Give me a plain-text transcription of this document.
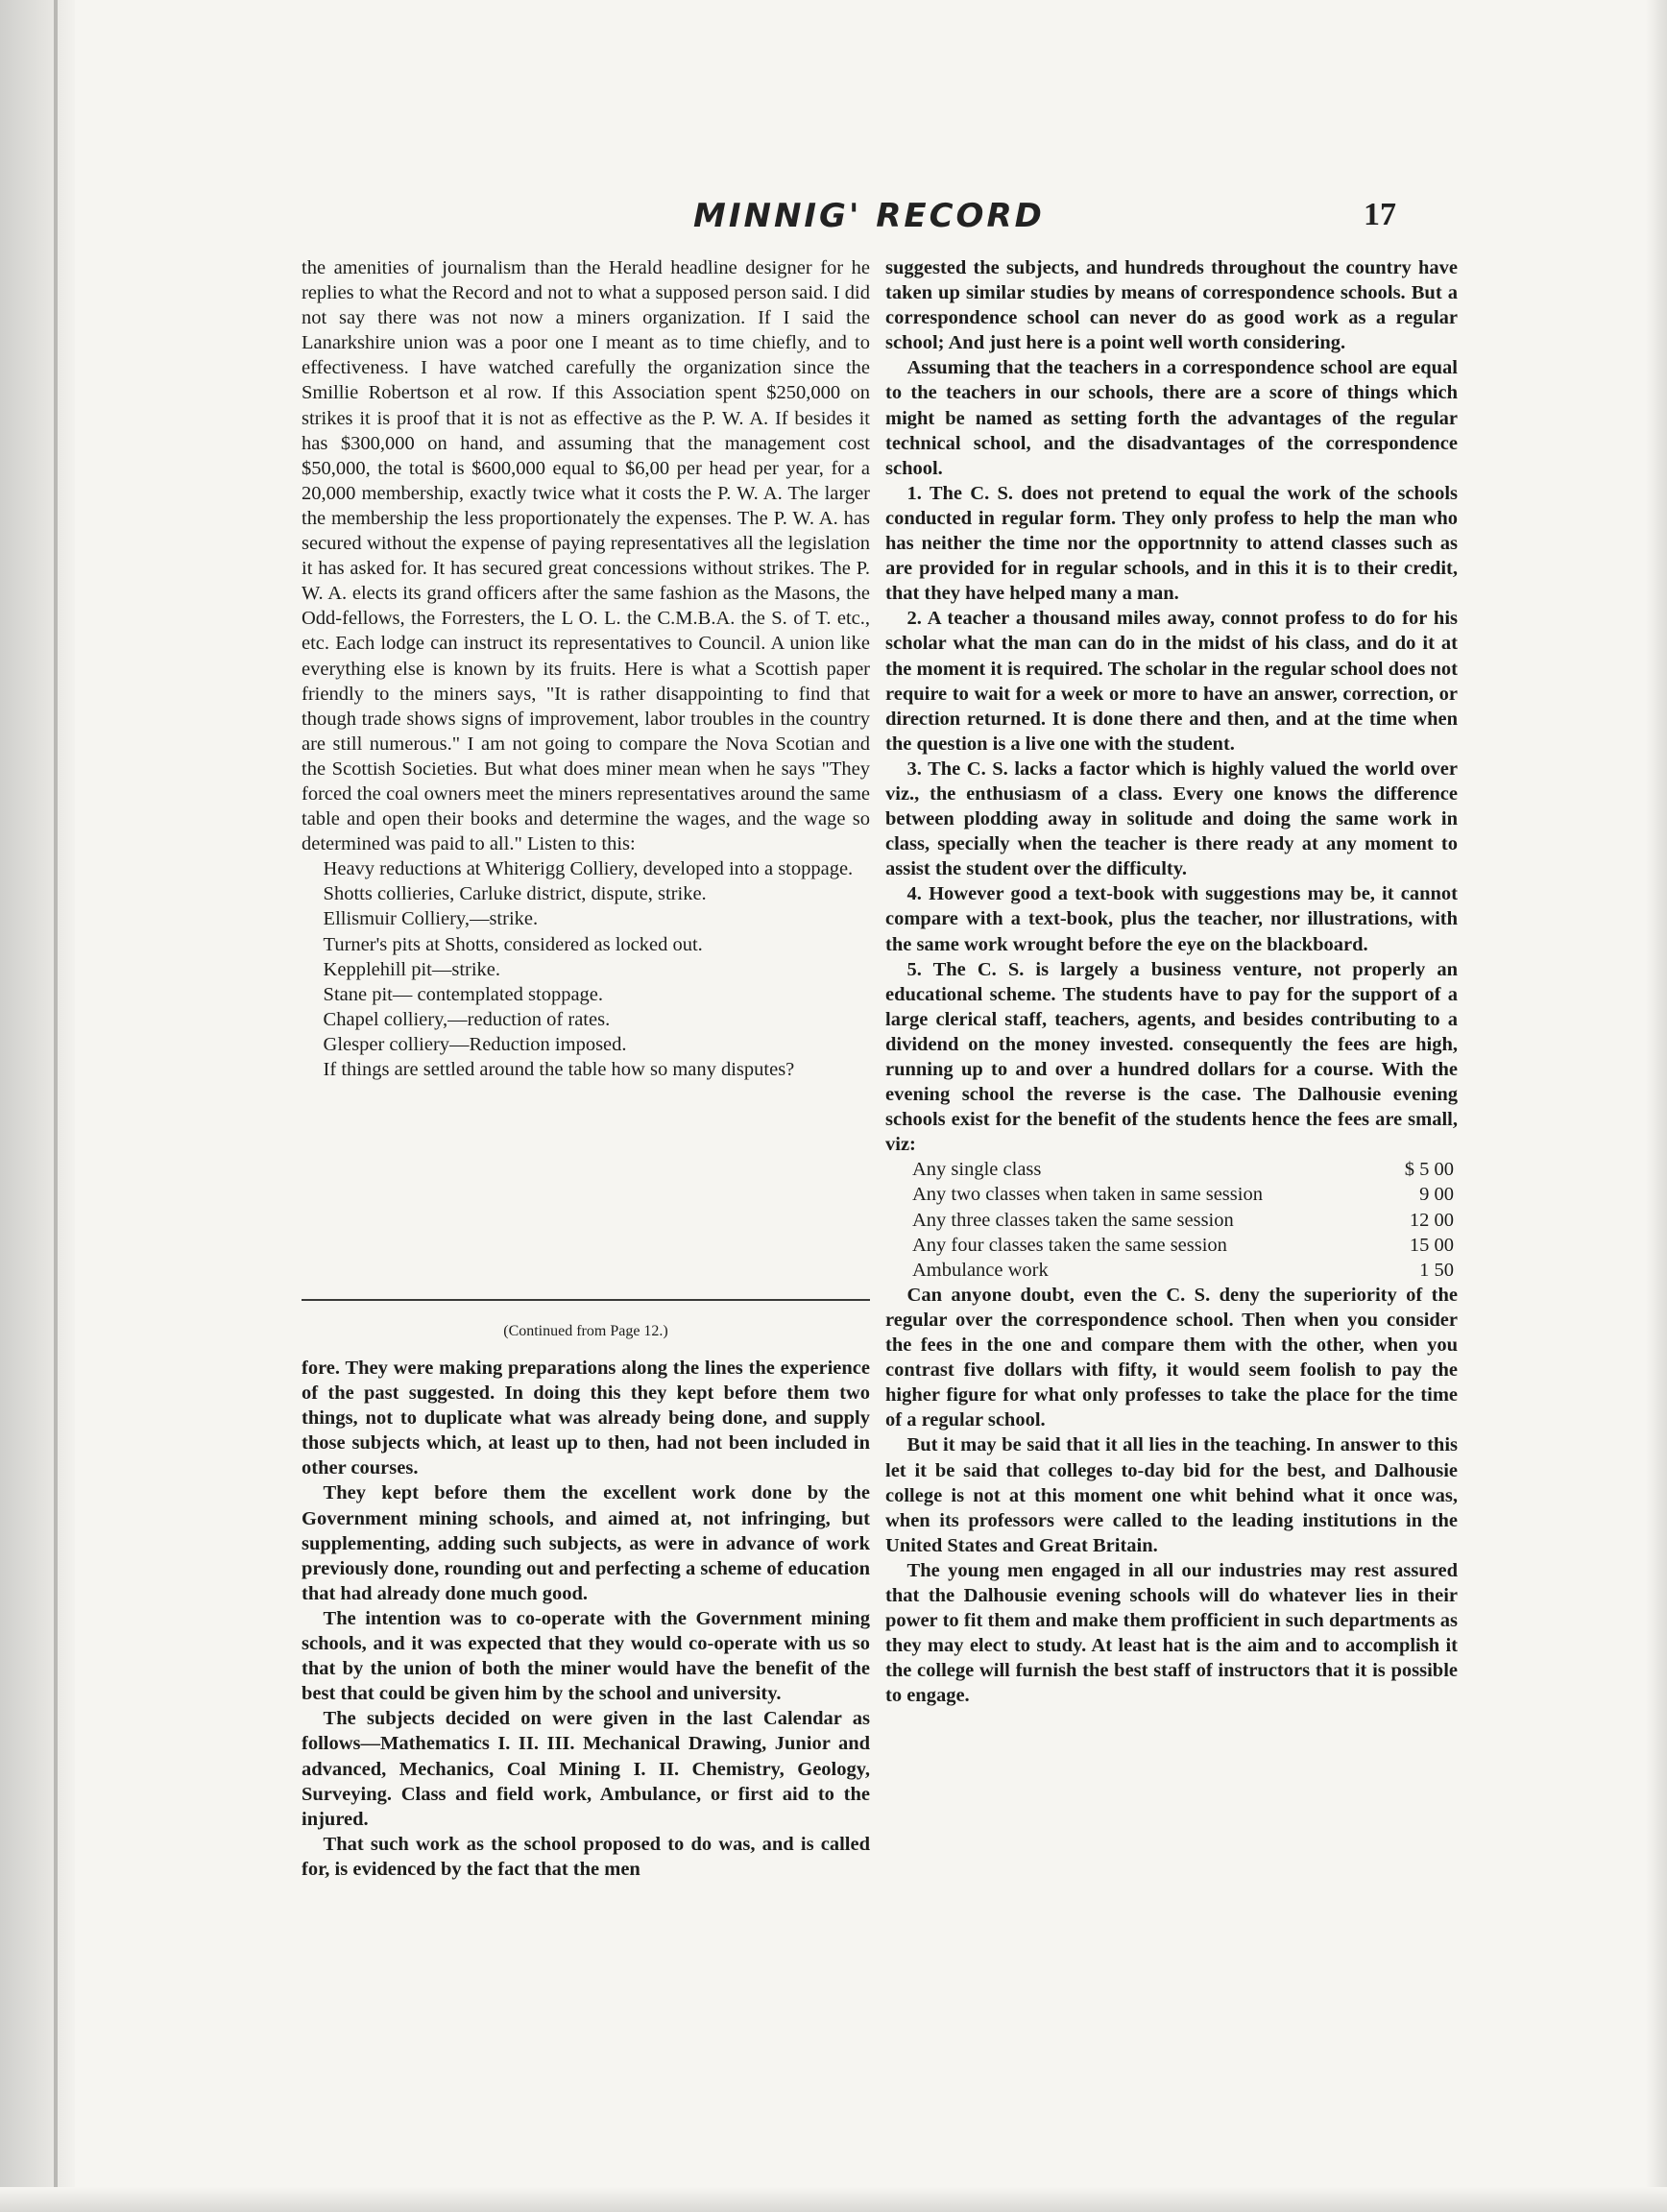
MINNIG' RECORD	17

the amenities of journalism than the Herald headline designer for he replies to what the Record and not to what a supposed person said. I did not say there was not now a miners organization. If I said the Lanarkshire union was a poor one I meant as to time chiefly, and to effectiveness. I have watched carefully the organization since the Smillie Robertson et al row. If this Association spent $250,000 on strikes it is proof that it is not as effective as the P. W. A. If besides it has $300,000 on hand, and assuming that the management cost $50,000, the total is $600,000 equal to $6,00 per head per year, for a 20,000 membership, exactly twice what it costs the P. W. A. The larger the membership the less proportionately the expenses. The P. W. A. has secured without the expense of paying representatives all the legislation it has asked for. It has secured great concessions without strikes. The P. W. A. elects its grand officers after the same fashion as the Masons, the Odd-fellows, the Forresters, the L O. L. the C.M.B.A. the S. of T. etc., etc. Each lodge can instruct its representatives to Council. A union like everything else is known by its fruits. Here is what a Scottish paper friendly to the miners says, "It is rather disappointing to find that though trade shows signs of improvement, labor troubles in the country are still numerous." I am not going to compare the Nova Scotian and the Scottish Societies. But what does miner mean when he says "They forced the coal owners meet the miners representatives around the same table and open their books and determine the wages, and the wage so determined was paid to all." Listen to this:

Heavy reductions at Whiterigg Colliery, developed into a stoppage.

Shotts collieries, Carluke district, dispute, strike.

Ellismuir Colliery,—strike.

Turner's pits at Shotts, considered as locked out.

Kepplehill pit—strike.

Stane pit— contemplated stoppage.

Chapel colliery,—reduction of rates.

Glesper colliery—Reduction imposed.

If things are settled around the table how so many disputes?

(Continued from Page 12.)

fore. They were making preparations along the lines the experience of the past suggested. In doing this they kept before them two things, not to duplicate what was already being done, and supply those subjects which, at least up to then, had not been included in other courses.

They kept before them the excellent work done by the Government mining schools, and aimed at, not infringing, but supplementing, adding such subjects, as were in advance of work previously done, rounding out and perfecting a scheme of education that had already done much good.

The intention was to co-operate with the Government mining schools, and it was expected that they would co-operate with us so that by the union of both the miner would have the benefit of the best that could be given him by the school and university.

The subjects decided on were given in the last Calendar as follows—Mathematics I. II. III. Mechanical Drawing, Junior and advanced, Mechanics, Coal Mining I. II. Chemistry, Geology, Surveying. Class and field work, Ambulance, or first aid to the injured.

That such work as the school proposed to do was, and is called for, is evidenced by the fact that the men

suggested the subjects, and hundreds throughout the country have taken up similar studies by means of correspondence schools. But a correspondence school can never do as good work as a regular school; And just here is a point well worth considering.

Assuming that the teachers in a correspondence school are equal to the teachers in our schools, there are a score of things which might be named as setting forth the advantages of the regular technical school, and the disadvantages of the correspondence school.

1. The C. S. does not pretend to equal the work of the schools conducted in regular form. They only profess to help the man who has neither the time nor the opportnnity to attend classes such as are provided for in regular schools, and in this it is to their credit, that they have helped many a man.

2. A teacher a thousand miles away, connot profess to do for his scholar what the man can do in the midst of his class, and do it at the moment it is required. The scholar in the regular school does not require to wait for a week or more to have an answer, correction, or direction returned. It is done there and then, and at the time when the question is a live one with the student.

3. The C. S. lacks a factor which is highly valued the world over viz., the enthusiasm of a class. Every one knows the difference between plodding away in solitude and doing the same work in class, specially when the teacher is there ready at any moment to assist the student over the difficulty.

4. However good a text-book with suggestions may be, it cannot compare with a text-book, plus the teacher, nor illustrations, with the same work wrought before the eye on the blackboard.

5. The C. S. is largely a business venture, not properly an educational scheme. The students have to pay for the support of a large clerical staff, teachers, agents, and besides contributing to a dividend on the money invested. consequently the fees are high, running up to and over a hundred dollars for a course. With the evening school the reverse is the case. The Dalhousie evening schools exist for the benefit of the students hence the fees are small, viz:

Any single class	$ 5 00
Any two classes when taken in same session	9 00
Any three classes taken the same session	12 00
Any four classes taken the same session	15 00
Ambulance work	1 50

Can anyone doubt, even the C. S. deny the superiority of the regular over the correspondence school. Then when you consider the fees in the one and compare them with the other, when you contrast five dollars with fifty, it would seem foolish to pay the higher figure for what only professes to take the place for the time of a regular school.

But it may be said that it all lies in the teaching. In answer to this let it be said that colleges to-day bid for the best, and Dalhousie college is not at this moment one whit behind what it once was, when its professors were called to the leading institutions in the United States and Great Britain.

The young men engaged in all our industries may rest assured that the Dalhousie evening schools will do whatever lies in their power to fit them and make them profficient in such departments as they may elect to study. At least hat is the aim and to accomplish it the college will furnish the best staff of instructors that it is possible to engage.
